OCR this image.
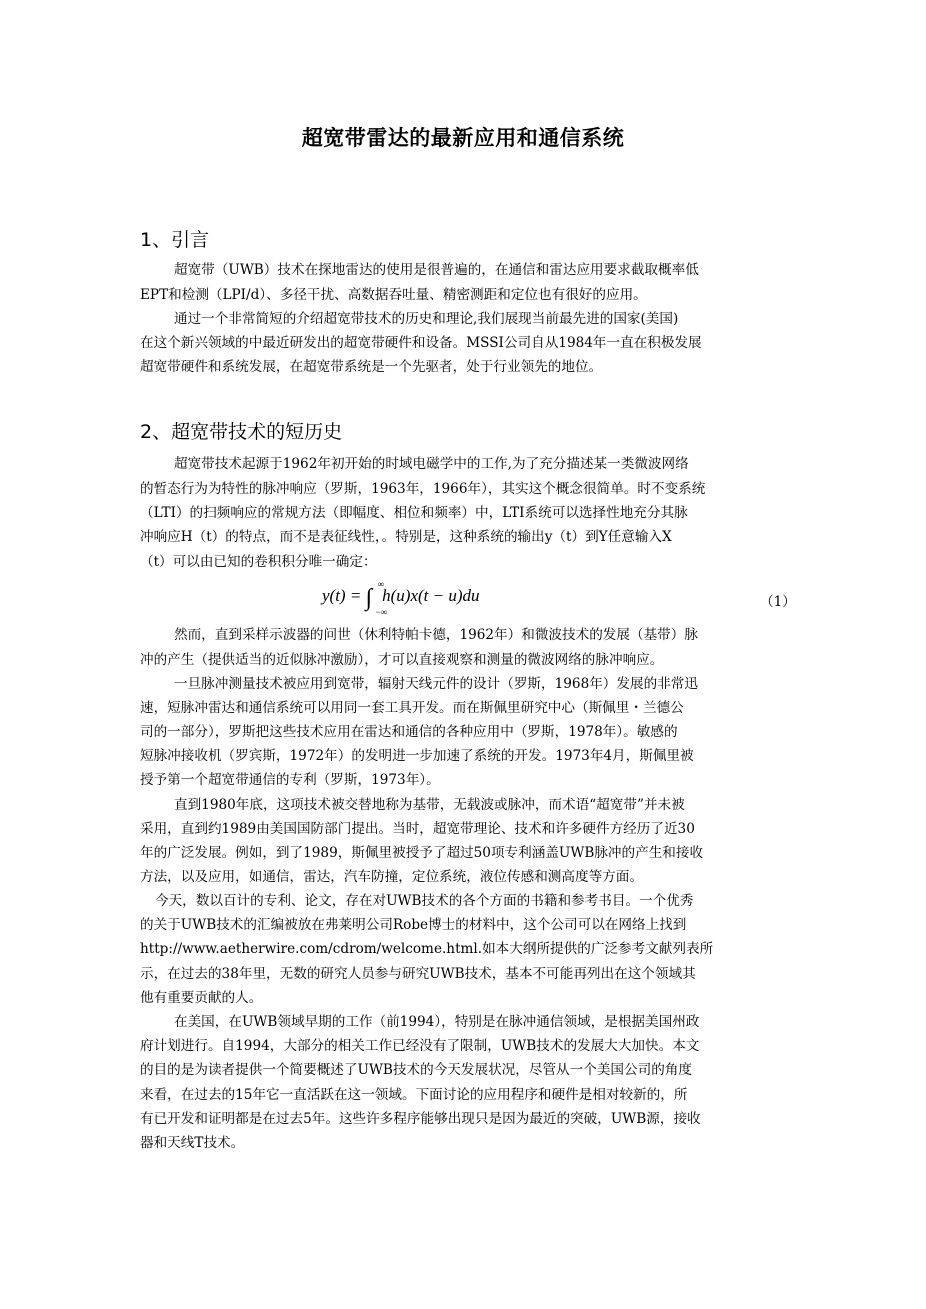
超宽带雷达的最新应用和通信系统
1、引言
超宽带（UWB）技术在探地雷达的使用是很普遍的，在通信和雷达应用要求截取概率低
EPT和检测（LPI/d）、多径干扰、高数据吞吐量、精密测距和定位也有很好的应用。
通过一个非常简短的介绍超宽带技术的历史和理论,我们展现当前最先进的国家(美国)
在这个新兴领域的中最近研发出的超宽带硬件和设备。MSSI公司自从1984年一直在积极发展
超宽带硬件和系统发展，在超宽带系统是一个先驱者，处于行业领先的地位。
2、超宽带技术的短历史
超宽带技术起源于1962年初开始的时域电磁学中的工作,为了充分描述某一类微波网络
的暂态行为为特性的脉冲响应（罗斯，1963年，1966年），其实这个概念很简单。时不变系统
（LTI）的扫频响应的常规方法（即幅度、相位和频率）中，LTI系统可以选择性地充分其脉
冲响应H（t）的特点，而不是表征线性，。特别是，这种系统的输出y（t）到Y任意输入X
（t）可以由已知的卷积积分唯一确定：
y(t) = ∫
∞
−∞
h(u)x(t − u)du	（1）
然而，直到采样示波器的问世（休利特帕卡德，1962年）和微波技术的发展（基带）脉
冲的产生（提供适当的近似脉冲激励），才可以直接观察和测量的微波网络的脉冲响应。
一旦脉冲测量技术被应用到宽带，辐射天线元件的设计（罗斯，1968年）发展的非常迅
速，短脉冲雷达和通信系统可以用同一套工具开发。而在斯佩里研究中心（斯佩里・兰德公
司的一部分），罗斯把这些技术应用在雷达和通信的各种应用中（罗斯，1978年）。敏感的
短脉冲接收机（罗宾斯，1972年）的发明进一步加速了系统的开发。1973年4月，斯佩里被
授予第一个超宽带通信的专利（罗斯，1973年）。
直到1980年底，这项技术被交替地称为基带，无载波或脉冲，而术语“超宽带”并未被
采用，直到约1989由美国国防部门提出。当时，超宽带理论、技术和许多硬件方经历了近30
年的广泛发展。例如，到了1989，斯佩里被授予了超过50项专利涵盖UWB脉冲的产生和接收
方法，以及应用，如通信，雷达，汽车防撞，定位系统，液位传感和测高度等方面。
今天，数以百计的专利、论文，存在对UWB技术的各个方面的书籍和参考书目。一个优秀
的关于UWB技术的汇编被放在弗莱明公司Robe博士的材料中，这个公司可以在网络上找到
http://www.aetherwire.com/cdrom/welcome.html.如本大纲所提供的广泛参考文献列表所
示，在过去的38年里，无数的研究人员参与研究UWB技术，基本不可能再列出在这个领域其
他有重要贡献的人。
在美国，在UWB领域早期的工作（前1994），特别是在脉冲通信领域，是根据美国州政
府计划进行。自1994，大部分的相关工作已经没有了限制，UWB技术的发展大大加快。本文
的目的是为读者提供一个简要概述了UWB技术的今天发展状况，尽管从一个美国公司的角度
来看，在过去的15年它一直活跃在这一领域。下面讨论的应用程序和硬件是相对较新的，所
有已开发和证明都是在过去5年。这些许多程序能够出现只是因为最近的突破，UWB源，接收
器和天线T技术。
